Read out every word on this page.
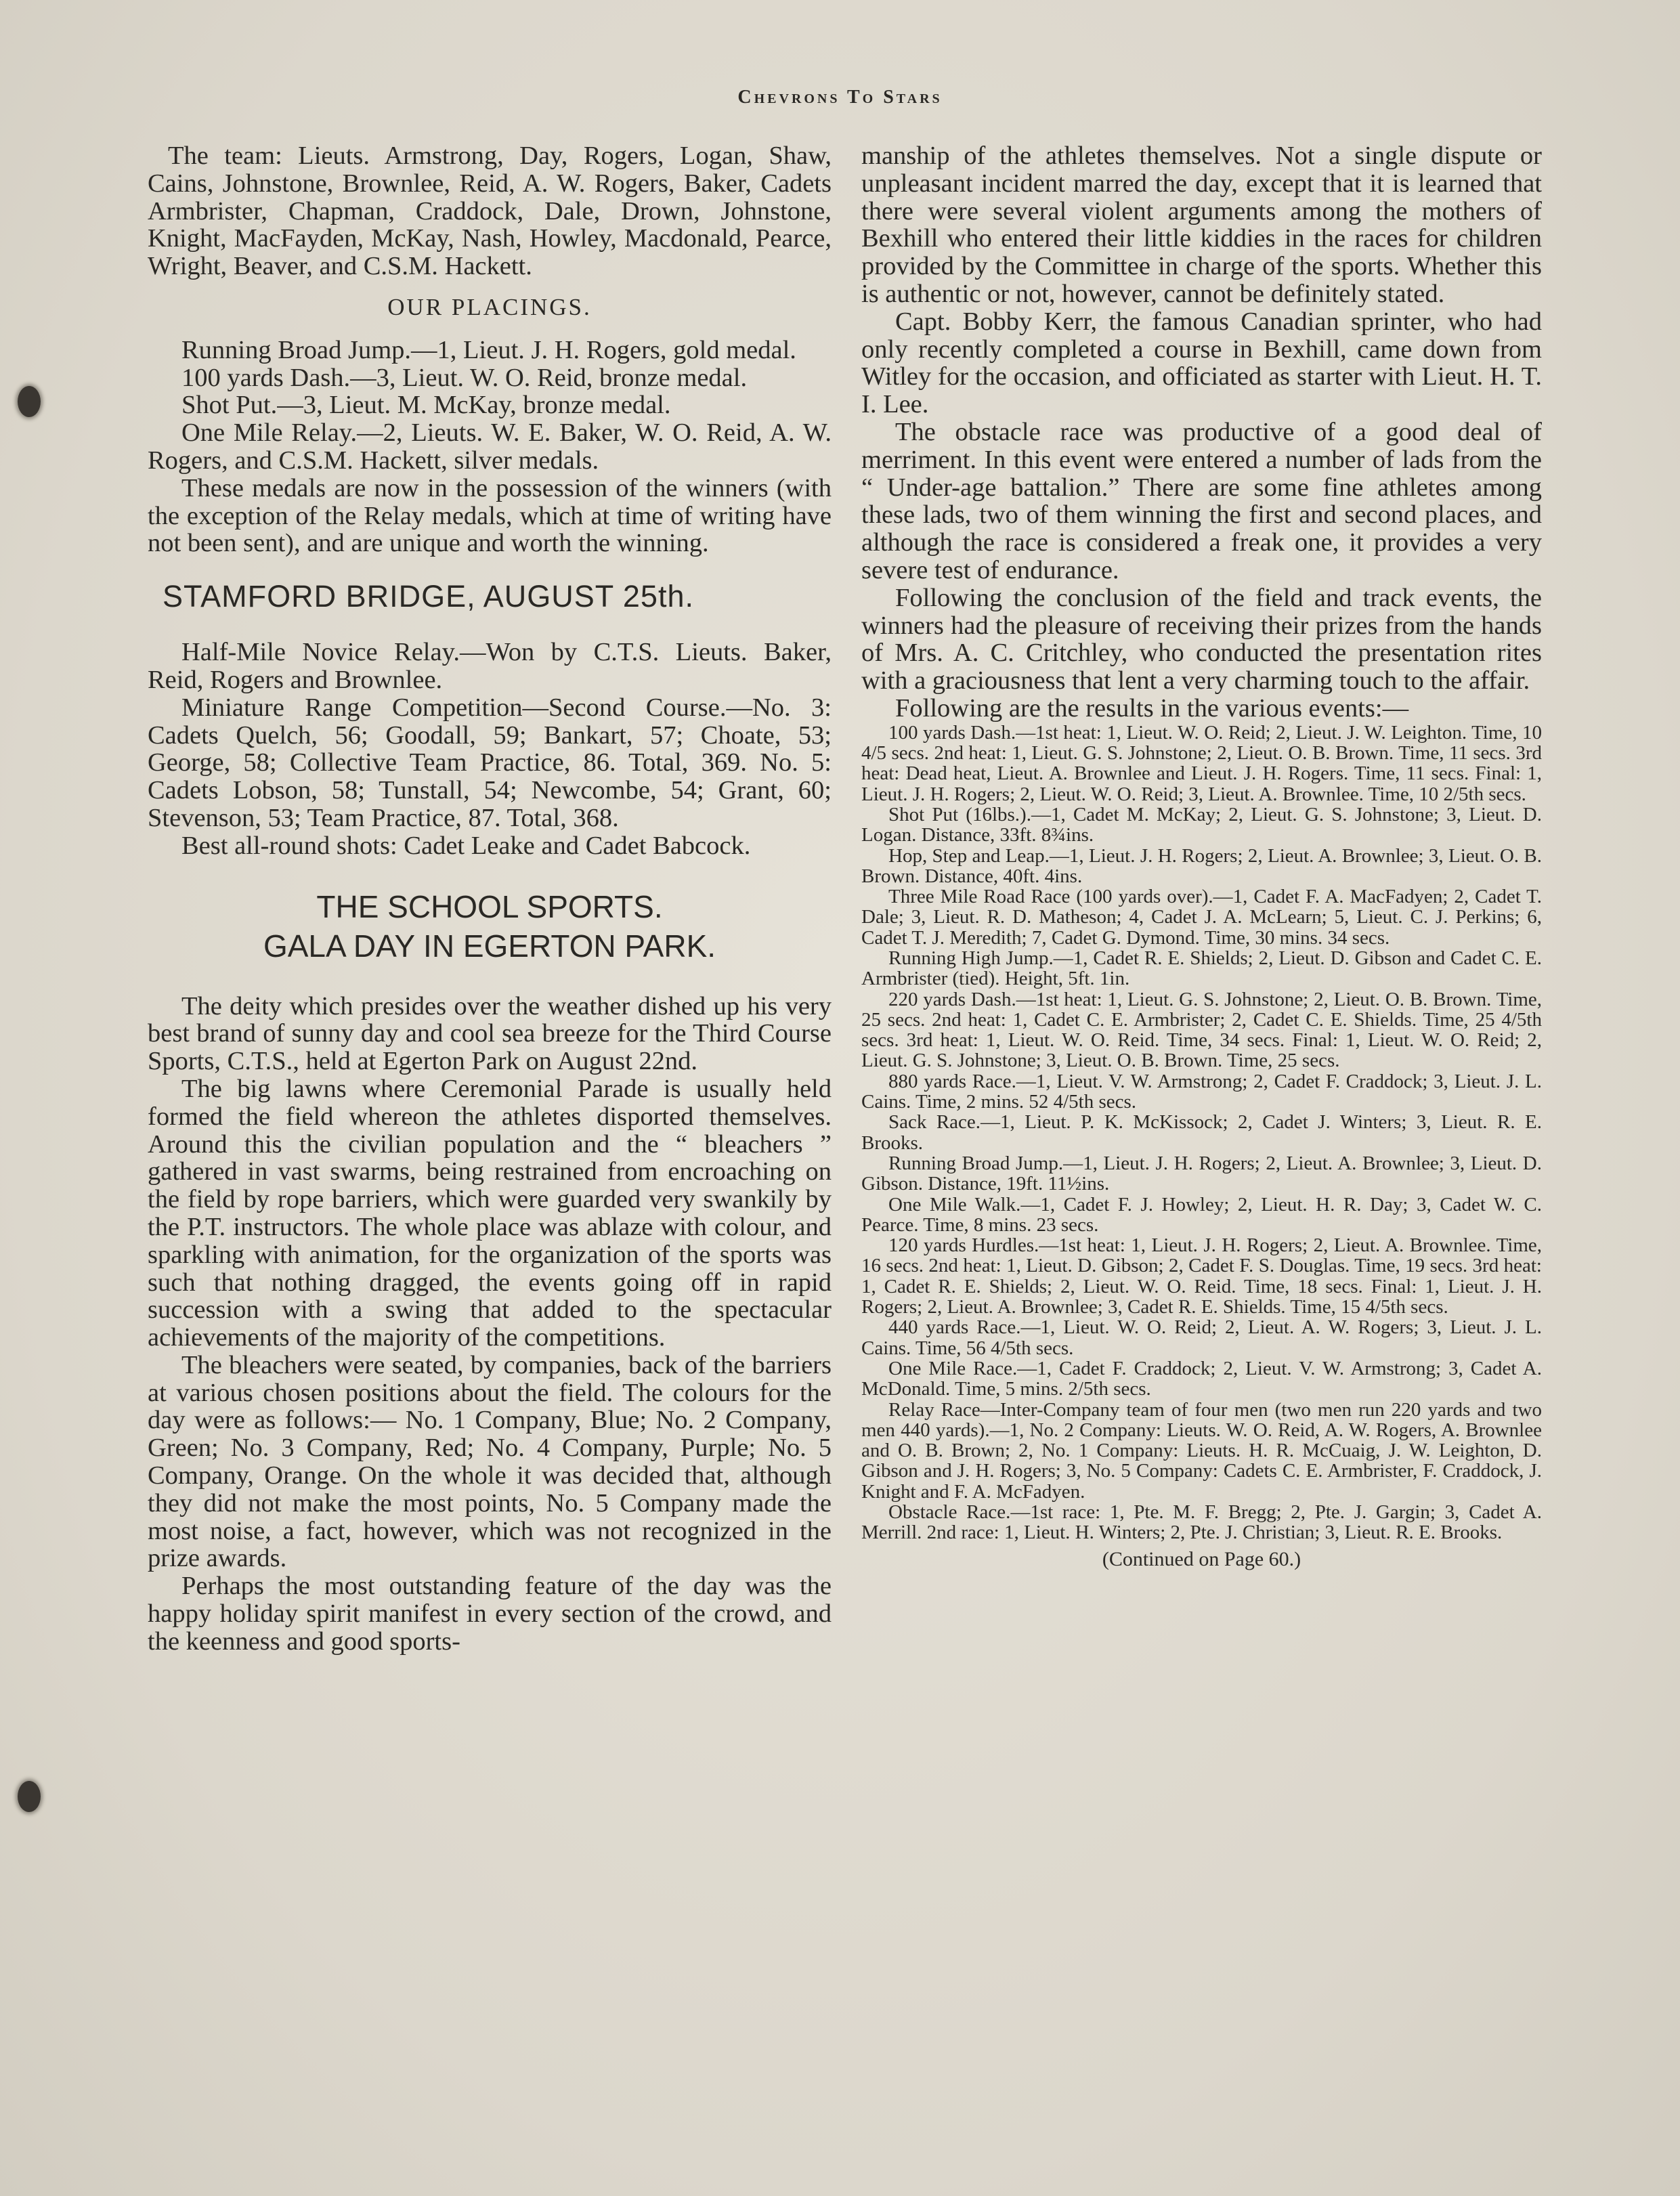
Chevrons To Stars

The team: Lieuts. Armstrong, Day, Rogers, Logan, Shaw, Cains, Johnstone, Brownlee, Reid, A. W. Rogers, Baker, Cadets Armbrister, Chapman, Craddock, Dale, Drown, Johnstone, Knight, MacFayden, McKay, Nash, Howley, Macdonald, Pearce, Wright, Beaver, and C.S.M. Hackett.

OUR PLACINGS.

Running Broad Jump.—1, Lieut. J. H. Rogers, gold medal.

100 yards Dash.—3, Lieut. W. O. Reid, bronze medal.

Shot Put.—3, Lieut. M. McKay, bronze medal.

One Mile Relay.—2, Lieuts. W. E. Baker, W. O. Reid, A. W. Rogers, and C.S.M. Hackett, silver medals.

These medals are now in the possession of the winners (with the exception of the Relay medals, which at time of writing have not been sent), and are unique and worth the winning.

STAMFORD BRIDGE, AUGUST 25th.

Half-Mile Novice Relay.—Won by C.T.S. Lieuts. Baker, Reid, Rogers and Brownlee.

Miniature Range Competition—Second Course.—No. 3: Cadets Quelch, 56; Goodall, 59; Bankart, 57; Choate, 53; George, 58; Collective Team Practice, 86. Total, 369. No. 5: Cadets Lobson, 58; Tunstall, 54; Newcombe, 54; Grant, 60; Stevenson, 53; Team Practice, 87. Total, 368.

Best all-round shots: Cadet Leake and Cadet Babcock.

THE SCHOOL SPORTS.
GALA DAY IN EGERTON PARK.

The deity which presides over the weather dished up his very best brand of sunny day and cool sea breeze for the Third Course Sports, C.T.S., held at Egerton Park on August 22nd.

The big lawns where Ceremonial Parade is usually held formed the field whereon the athletes disported themselves. Around this the civilian population and the “ bleachers ” gathered in vast swarms, being restrained from encroaching on the field by rope barriers, which were guarded very swankily by the P.T. instructors. The whole place was ablaze with colour, and sparkling with animation, for the organization of the sports was such that nothing dragged, the events going off in rapid succession with a swing that added to the spectacular achievements of the majority of the competitions.

The bleachers were seated, by companies, back of the barriers at various chosen positions about the field. The colours for the day were as follows:— No. 1 Company, Blue; No. 2 Company, Green; No. 3 Company, Red; No. 4 Company, Purple; No. 5 Company, Orange. On the whole it was decided that, although they did not make the most points, No. 5 Company made the most noise, a fact, however, which was not recognized in the prize awards.

Perhaps the most outstanding feature of the day was the happy holiday spirit manifest in every section of the crowd, and the keenness and good sports-

manship of the athletes themselves. Not a single dispute or unpleasant incident marred the day, except that it is learned that there were several violent arguments among the mothers of Bexhill who entered their little kiddies in the races for children provided by the Committee in charge of the sports. Whether this is authentic or not, however, cannot be definitely stated.

Capt. Bobby Kerr, the famous Canadian sprinter, who had only recently completed a course in Bexhill, came down from Witley for the occasion, and officiated as starter with Lieut. H. T. I. Lee.

The obstacle race was productive of a good deal of merriment. In this event were entered a number of lads from the “ Under-age battalion.” There are some fine athletes among these lads, two of them winning the first and second places, and although the race is considered a freak one, it provides a very severe test of endurance.

Following the conclusion of the field and track events, the winners had the pleasure of receiving their prizes from the hands of Mrs. A. C. Critchley, who conducted the presentation rites with a graciousness that lent a very charming touch to the affair.

Following are the results in the various events:—

100 yards Dash.—1st heat: 1, Lieut. W. O. Reid; 2, Lieut. J. W. Leighton. Time, 10 4/5 secs. 2nd heat: 1, Lieut. G. S. Johnstone; 2, Lieut. O. B. Brown. Time, 11 secs. 3rd heat: Dead heat, Lieut. A. Brownlee and Lieut. J. H. Rogers. Time, 11 secs. Final: 1, Lieut. J. H. Rogers; 2, Lieut. W. O. Reid; 3, Lieut. A. Brownlee. Time, 10 2/5th secs.

Shot Put (16lbs.).—1, Cadet M. McKay; 2, Lieut. G. S. Johnstone; 3, Lieut. D. Logan. Distance, 33ft. 8¾ins.

Hop, Step and Leap.—1, Lieut. J. H. Rogers; 2, Lieut. A. Brownlee; 3, Lieut. O. B. Brown. Distance, 40ft. 4ins.

Three Mile Road Race (100 yards over).—1, Cadet F. A. MacFadyen; 2, Cadet T. Dale; 3, Lieut. R. D. Matheson; 4, Cadet J. A. McLearn; 5, Lieut. C. J. Perkins; 6, Cadet T. J. Meredith; 7, Cadet G. Dymond. Time, 30 mins. 34 secs.

Running High Jump.—1, Cadet R. E. Shields; 2, Lieut. D. Gibson and Cadet C. E. Armbrister (tied). Height, 5ft. 1in.

220 yards Dash.—1st heat: 1, Lieut. G. S. Johnstone; 2, Lieut. O. B. Brown. Time, 25 secs. 2nd heat: 1, Cadet C. E. Armbrister; 2, Cadet C. E. Shields. Time, 25 4/5th secs. 3rd heat: 1, Lieut. W. O. Reid. Time, 34 secs. Final: 1, Lieut. W. O. Reid; 2, Lieut. G. S. Johnstone; 3, Lieut. O. B. Brown. Time, 25 secs.

880 yards Race.—1, Lieut. V. W. Armstrong; 2, Cadet F. Craddock; 3, Lieut. J. L. Cains. Time, 2 mins. 52 4/5th secs.

Sack Race.—1, Lieut. P. K. McKissock; 2, Cadet J. Winters; 3, Lieut. R. E. Brooks.

Running Broad Jump.—1, Lieut. J. H. Rogers; 2, Lieut. A. Brownlee; 3, Lieut. D. Gibson. Distance, 19ft. 11½ins.

One Mile Walk.—1, Cadet F. J. Howley; 2, Lieut. H. R. Day; 3, Cadet W. C. Pearce. Time, 8 mins. 23 secs.

120 yards Hurdles.—1st heat: 1, Lieut. J. H. Rogers; 2, Lieut. A. Brownlee. Time, 16 secs. 2nd heat: 1, Lieut. D. Gibson; 2, Cadet F. S. Douglas. Time, 19 secs. 3rd heat: 1, Cadet R. E. Shields; 2, Lieut. W. O. Reid. Time, 18 secs. Final: 1, Lieut. J. H. Rogers; 2, Lieut. A. Brownlee; 3, Cadet R. E. Shields. Time, 15 4/5th secs.

440 yards Race.—1, Lieut. W. O. Reid; 2, Lieut. A. W. Rogers; 3, Lieut. J. L. Cains. Time, 56 4/5th secs.

One Mile Race.—1, Cadet F. Craddock; 2, Lieut. V. W. Armstrong; 3, Cadet A. McDonald. Time, 5 mins. 2/5th secs.

Relay Race—Inter-Company team of four men (two men run 220 yards and two men 440 yards).—1, No. 2 Company: Lieuts. W. O. Reid, A. W. Rogers, A. Brownlee and O. B. Brown; 2, No. 1 Company: Lieuts. H. R. McCuaig, J. W. Leighton, D. Gibson and J. H. Rogers; 3, No. 5 Company: Cadets C. E. Armbrister, F. Craddock, J. Knight and F. A. McFadyen.

Obstacle Race.—1st race: 1, Pte. M. F. Bregg; 2, Pte. J. Gargin; 3, Cadet A. Merrill. 2nd race: 1, Lieut. H. Winters; 2, Pte. J. Christian; 3, Lieut. R. E. Brooks.

(Continued on Page 60.)
